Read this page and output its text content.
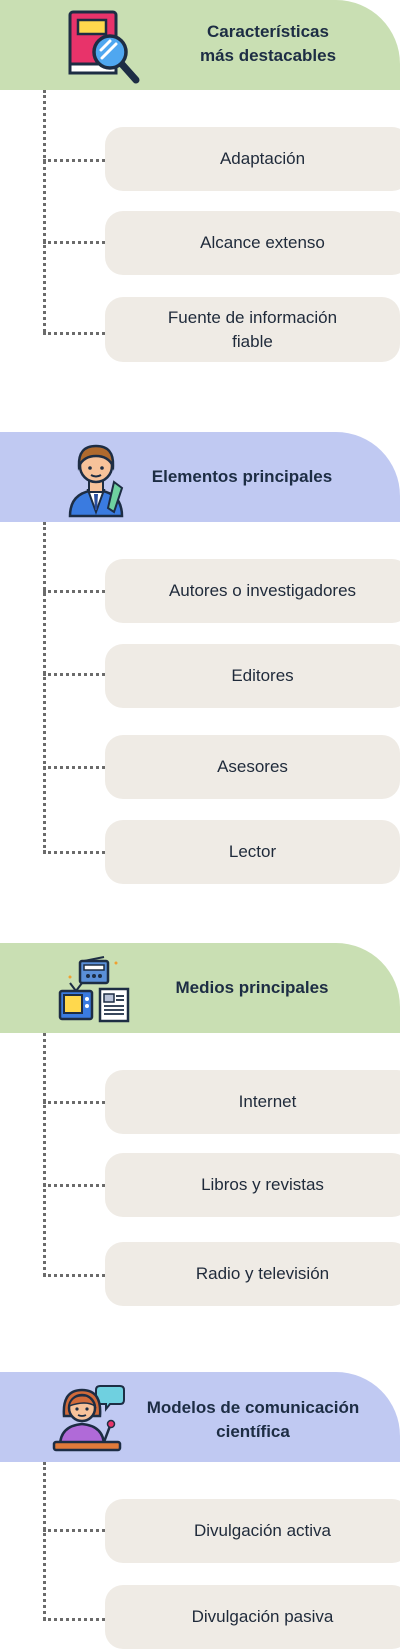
Características
más destacables
Adaptación
Alcance extenso
Fuente de información
fiable
Elementos principales
Autores o investigadores
Editores
Asesores
Lector
Medios principales
Internet
Libros y revistas
Radio y televisión
Modelos de comunicación
científica
Divulgación activa
Divulgación pasiva
